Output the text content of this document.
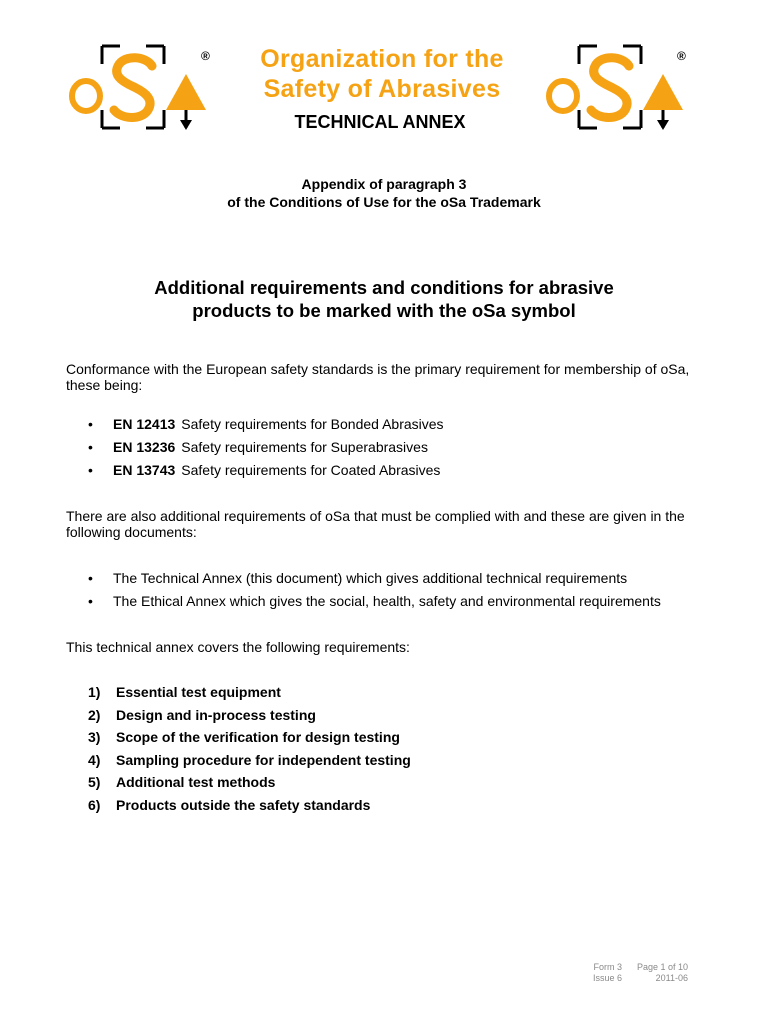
®	Organization for the
Safety of Abrasives
®
TECHNICAL ANNEX
Appendix of paragraph 3
of the Conditions of Use for the oSa Trademark
Additional requirements and conditions for abrasive
products to be marked with the oSa symbol
Conformance with the European safety standards is the primary requirement for membership of oSa, these being:
• EN 12413 Safety requirements for Bonded Abrasives
• EN 13236 Safety requirements for Superabrasives
• EN 13743 Safety requirements for Coated Abrasives
There are also additional requirements of oSa that must be complied with and these are given in the following documents:
• The Technical Annex (this document) which gives additional technical requirements
• The Ethical Annex which gives the social, health, safety and environmental requirements
This technical annex covers the following requirements:
1) Essential test equipment
2) Design and in-process testing
3) Scope of the verification for design testing
4) Sampling procedure for independent testing
5) Additional test methods
6) Products outside the safety standards
Form 3
Issue 6
Page 1 of 10
2011-06
